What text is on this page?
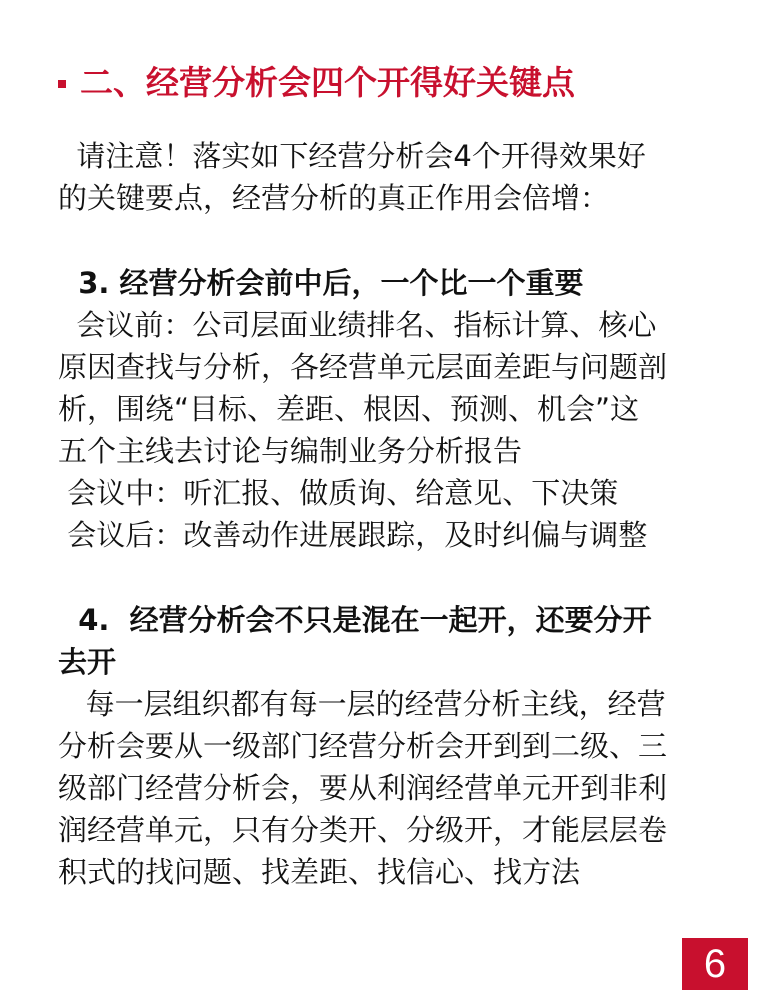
二、经营分析会四个开得好关键点
请注意！落实如下经营分析会4个开得效果好
的关键要点，经营分析的真正作用会倍增：
3. 经营分析会前中后，一个比一个重要
会议前：公司层面业绩排名、指标计算、核心
原因查找与分析，各经营单元层面差距与问题剖
析，围绕“目标、差距、根因、预测、机会”这
五个主线去讨论与编制业务分析报告
会议中：听汇报、做质询、给意见、下决策
会议后：改善动作进展跟踪，及时纠偏与调整
4.  经营分析会不只是混在一起开，还要分开
去开
每一层组织都有每一层的经营分析主线，经营
分析会要从一级部门经营分析会开到到二级、三
级部门经营分析会，要从利润经营单元开到非利
润经营单元，只有分类开、分级开，才能层层卷
积式的找问题、找差距、找信心、找方法
6
